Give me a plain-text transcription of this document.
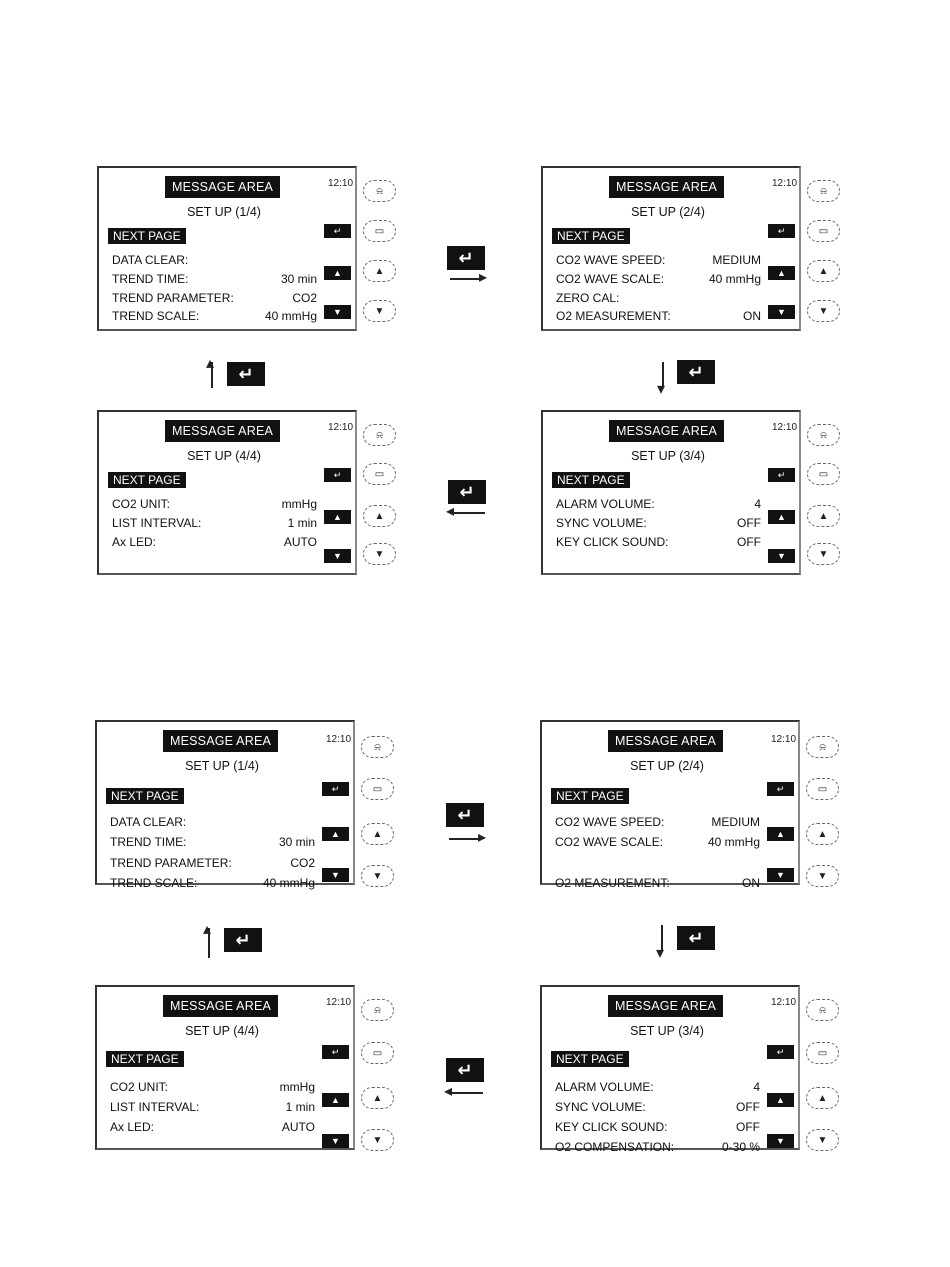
MESSAGE AREA
SET UP (1/4)
NEXT PAGE
DATA CLEAR:
TREND TIME:	30 min
TREND PARAMETER:	CO2
TREND SCALE:	40 mmHg
↵
▲
▼
12:10
⍾
▭
▲
▼
MESSAGE AREA
SET UP (2/4)
NEXT PAGE
CO2 WAVE SPEED:	MEDIUM
CO2 WAVE SCALE:	40 mmHg
ZERO CAL:
O2 MEASUREMENT:	ON
↵
▲
▼
12:10
⍾
▭
▲
▼
MESSAGE AREA
SET UP (4/4)
NEXT PAGE
CO2 UNIT:	mmHg
LIST INTERVAL:	1 min
Ax LED:	AUTO
↵
▲
▼
12:10
⍾
▭
▲
▼
MESSAGE AREA
SET UP (3/4)
NEXT PAGE
ALARM VOLUME:	4
SYNC VOLUME:	OFF
KEY CLICK SOUND:	OFF
↵
▲
▼
12:10
⍾
▭
▲
▼
↵
▸
↵
▾
↵
◂
↵
▴
MESSAGE AREA
SET UP (1/4)
NEXT PAGE
DATA CLEAR:
TREND TIME:	30 min
TREND PARAMETER:	CO2
TREND SCALE:	40 mmHg
↵
▲
▼
12:10
⍾
▭
▲
▼
MESSAGE AREA
SET UP (2/4)
NEXT PAGE
CO2 WAVE SPEED:	MEDIUM
CO2 WAVE SCALE:	40 mmHg
O2 MEASUREMENT:	ON
↵
▲
▼
12:10
⍾
▭
▲
▼
MESSAGE AREA
SET UP (4/4)
NEXT PAGE
CO2 UNIT:	mmHg
LIST INTERVAL:	1 min
Ax LED:	AUTO
↵
▲
▼
12:10
⍾
▭
▲
▼
MESSAGE AREA
SET UP (3/4)
NEXT PAGE
ALARM VOLUME:	4
SYNC VOLUME:	OFF
KEY CLICK SOUND:	OFF
O2 COMPENSATION:	0-30 %
↵
▲
▼
12:10
⍾
▭
▲
▼
↵
▸
↵
▾
↵
◂
↵
▴
